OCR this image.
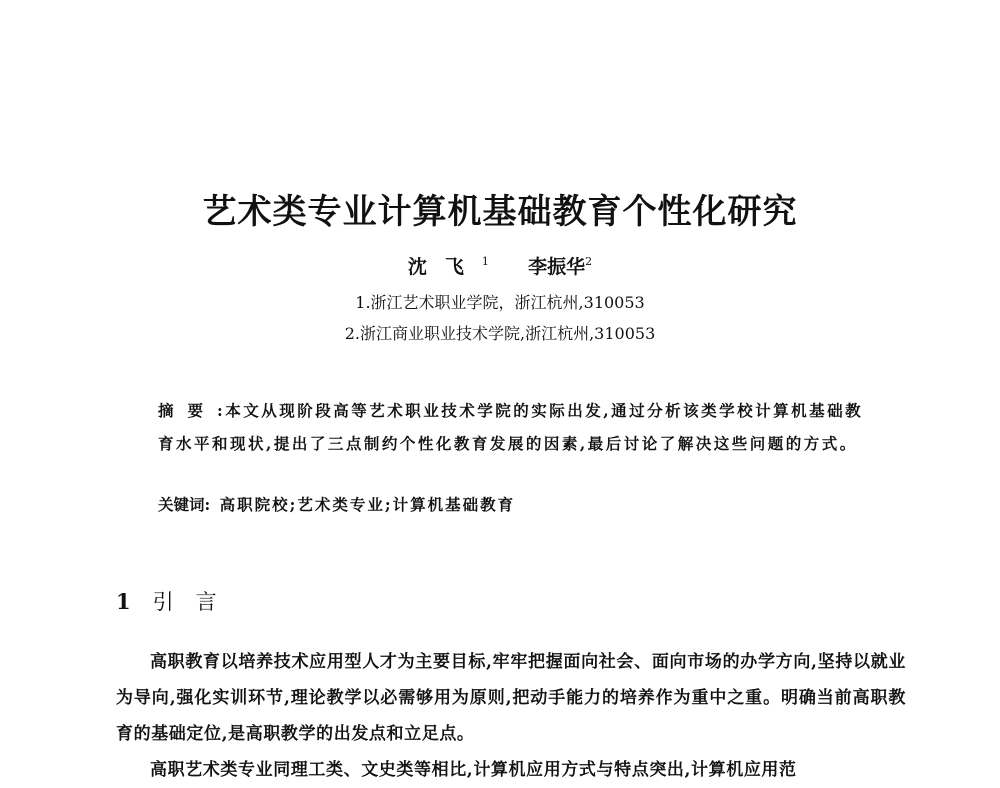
艺术类专业计算机基础教育个性化研究
沈飞$^1$ 李振华$^2$
1.浙江艺术职业学院，浙江杭州,310053
2.浙江商业职业技术学院,浙江杭州,310053
摘要:本文从现阶段高等艺术职业技术学院的实际出发,通过分析该类学校计算机基础教育水平和现状,提出了三点制约个性化教育发展的因素,最后讨论了解决这些问题的方式。
关键词: 高职院校;艺术类专业;计算机基础教育
1 引言

高职教育以培养技术应用型人才为主要目标,牢牢把握面向社会、面向市场的办学方向,坚持以就业为导向,强化实训环节,理论教学以必需够用为原则,把动手能力的培养作为重中之重。明确当前高职教育的基础定位,是高职教学的出发点和立足点。

高职艺术类专业同理工类、文史类等相比,计算机应用方式与特点突出,计算机应用范
